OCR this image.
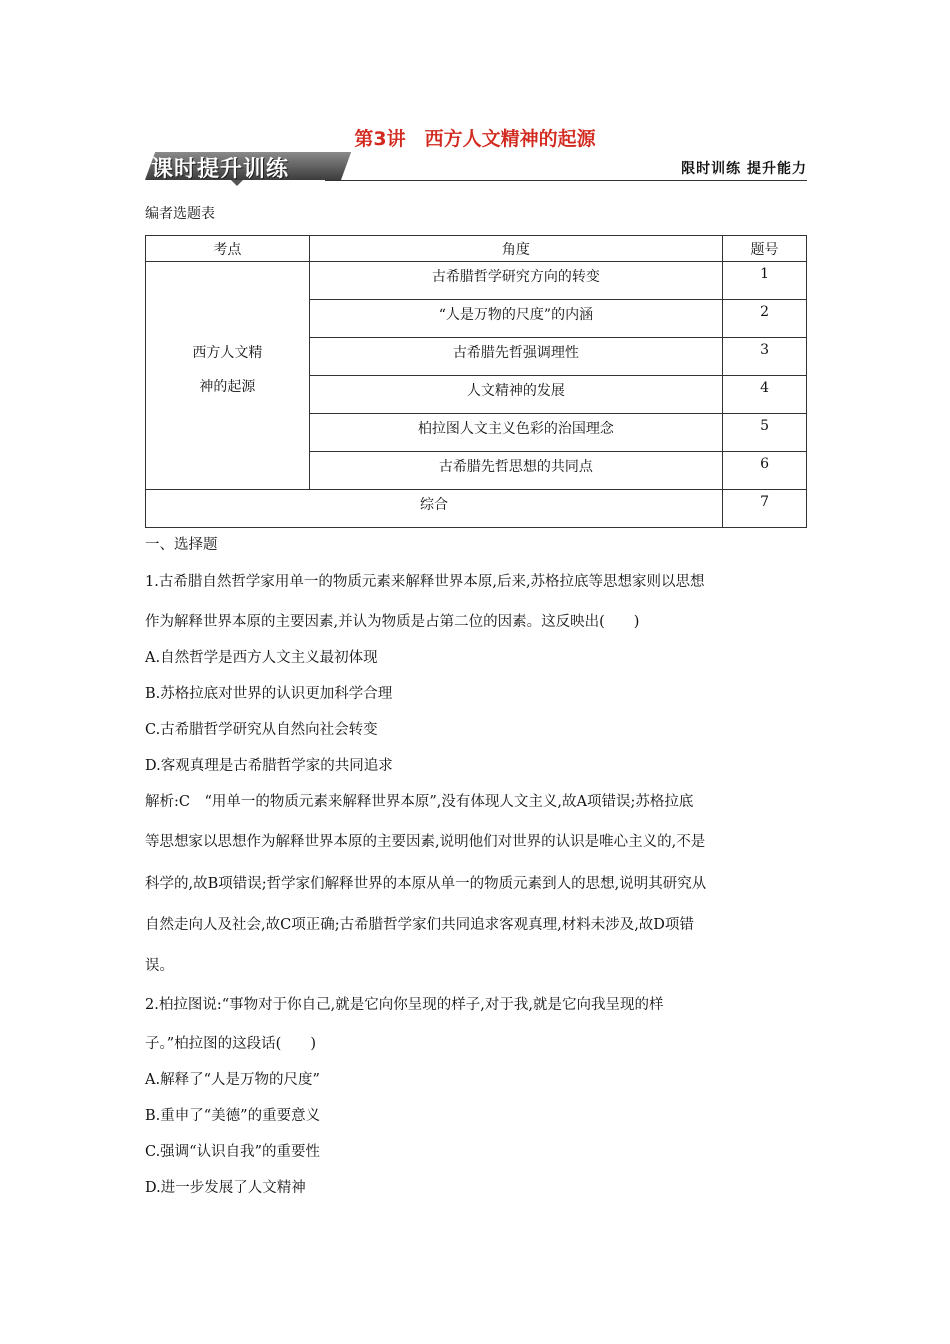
第3讲　西方人文精神的起源
课时提升训练	限时训练 提升能力
编者选题表
考点	角度	题号

西方人文精
神的起源	古希腊哲学研究方向的转变	1
	“人是万物的尺度”的内涵	2
	古希腊先哲强调理性	3
	人文精神的发展	4
	柏拉图人文主义色彩的治国理念	5
	古希腊先哲思想的共同点	6
综合		7
一、选择题
1.古希腊自然哲学家用单一的物质元素来解释世界本原,后来,苏格拉底等思想家则以思想
作为解释世界本原的主要因素,并认为物质是占第二位的因素。这反映出(　　)
A.自然哲学是西方人文主义最初体现
B.苏格拉底对世界的认识更加科学合理
C.古希腊哲学研究从自然向社会转变
D.客观真理是古希腊哲学家的共同追求
解析:C　“用单一的物质元素来解释世界本原”,没有体现人文主义,故A项错误;苏格拉底
等思想家以思想作为解释世界本原的主要因素,说明他们对世界的认识是唯心主义的,不是
科学的,故B项错误;哲学家们解释世界的本原从单一的物质元素到人的思想,说明其研究从
自然走向人及社会,故C项正确;古希腊哲学家们共同追求客观真理,材料未涉及,故D项错
误。
2.柏拉图说:“事物对于你自己,就是它向你呈现的样子,对于我,就是它向我呈现的样
子。”柏拉图的这段话(　　)
A.解释了“人是万物的尺度”
B.重申了“美德”的重要意义
C.强调“认识自我”的重要性
D.进一步发展了人文精神
